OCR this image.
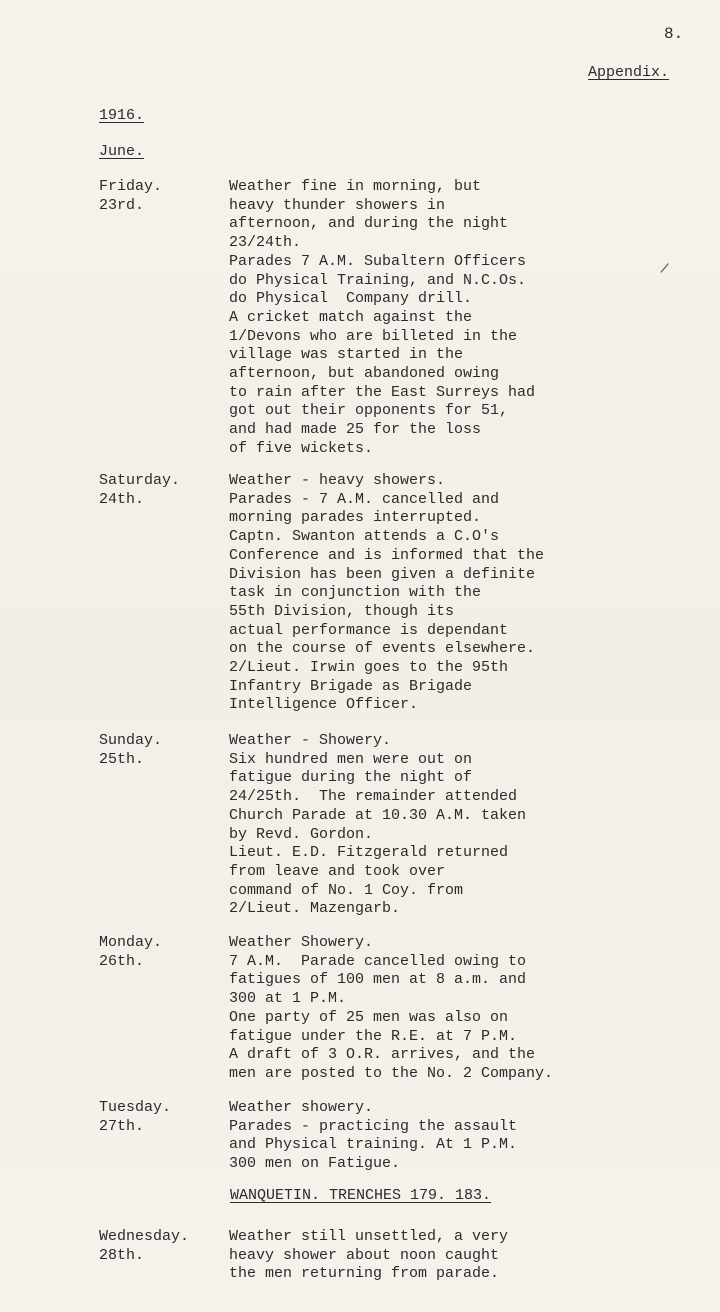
8.
Appendix.
1916.
June.
/
Friday.
23rd.
Weather fine in morning, but
heavy thunder showers in
afternoon, and during the night
23/24th.
Parades 7 A.M. Subaltern Officers
do Physical Training, and N.C.Os.
do Physical  Company drill.
A cricket match against the
1/Devons who are billeted in the
village was started in the
afternoon, but abandoned owing
to rain after the East Surreys had
got out their opponents for 51,
and had made 25 for the loss
of five wickets.
Saturday.
24th.
Weather - heavy showers.
Parades - 7 A.M. cancelled and
morning parades interrupted.
Captn. Swanton attends a C.O's
Conference and is informed that the
Division has been given a definite
task in conjunction with the
55th Division, though its
actual performance is dependant
on the course of events elsewhere.
2/Lieut. Irwin goes to the 95th
Infantry Brigade as Brigade
Intelligence Officer.
Sunday.
25th.
Weather - Showery.
Six hundred men were out on
fatigue during the night of
24/25th.  The remainder attended
Church Parade at 10.30 A.M. taken
by Revd. Gordon.
Lieut. E.D. Fitzgerald returned
from leave and took over
command of No. 1 Coy. from
2/Lieut. Mazengarb.
Monday.
26th.
Weather Showery.
7 A.M.  Parade cancelled owing to
fatigues of 100 men at 8 a.m. and
300 at 1 P.M.
One party of 25 men was also on
fatigue under the R.E. at 7 P.M.
A draft of 3 O.R. arrives, and the
men are posted to the No. 2 Company.
Tuesday.
27th.
Weather showery.
Parades - practicing the assault
and Physical training. At 1 P.M.
300 men on Fatigue.
WANQUETIN. TRENCHES 179. 183.
Wednesday.
28th.
Weather still unsettled, a very
heavy shower about noon caught
the men returning from parade.
